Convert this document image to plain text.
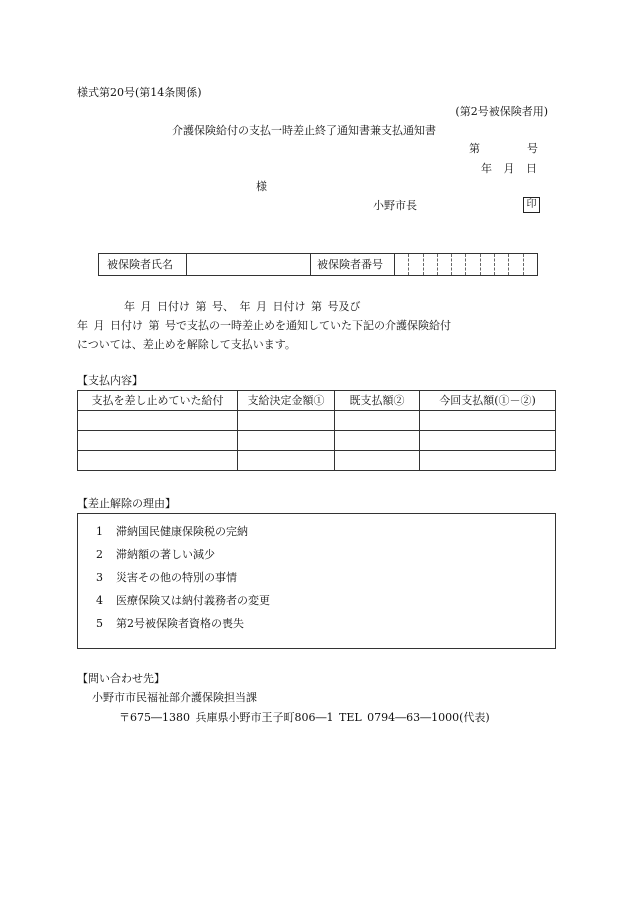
様式第20号(第14条関係)
(第2号被保険者用)
介護保険給付の支払一時差止終了通知書兼支払通知書
第	号
年 月 日
様
小野市長	印
被保険者氏名	被保険者番号
年 月 日付け 第 号、 年 月 日付け 第 号及び
年 月 日付け 第 号で支払の一時差止めを通知していた下記の介護保険給付
については、差止めを解除して支払います。
【支払内容】
支払を差し止めていた給付	支給決定金額①	既支払額②	今回支払額(①－②)

【差止解除の理由】
1 滞納国民健康保険税の完納
2 滞納額の著しい減少
3 災害その他の特別の事情
4 医療保険又は納付義務者の変更
5 第2号被保険者資格の喪失
【問い合わせ先】
小野市市民福祉部介護保険担当課
〒675―1380 兵庫県小野市王子町806―1 TEL 0794―63―1000(代表)
